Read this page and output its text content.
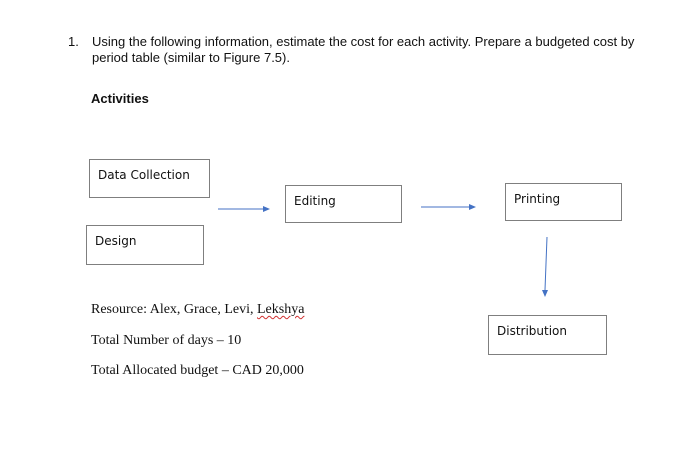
1. Using the following information, estimate the cost for each activity. Prepare a budgeted cost by period table (similar to Figure 7.5).
Activities
Data Collection
Design
Editing	Printing
Distribution
Resource: Alex, Grace, Levi, Lekshya
Total Number of days – 10
Total Allocated budget – CAD 20,000
